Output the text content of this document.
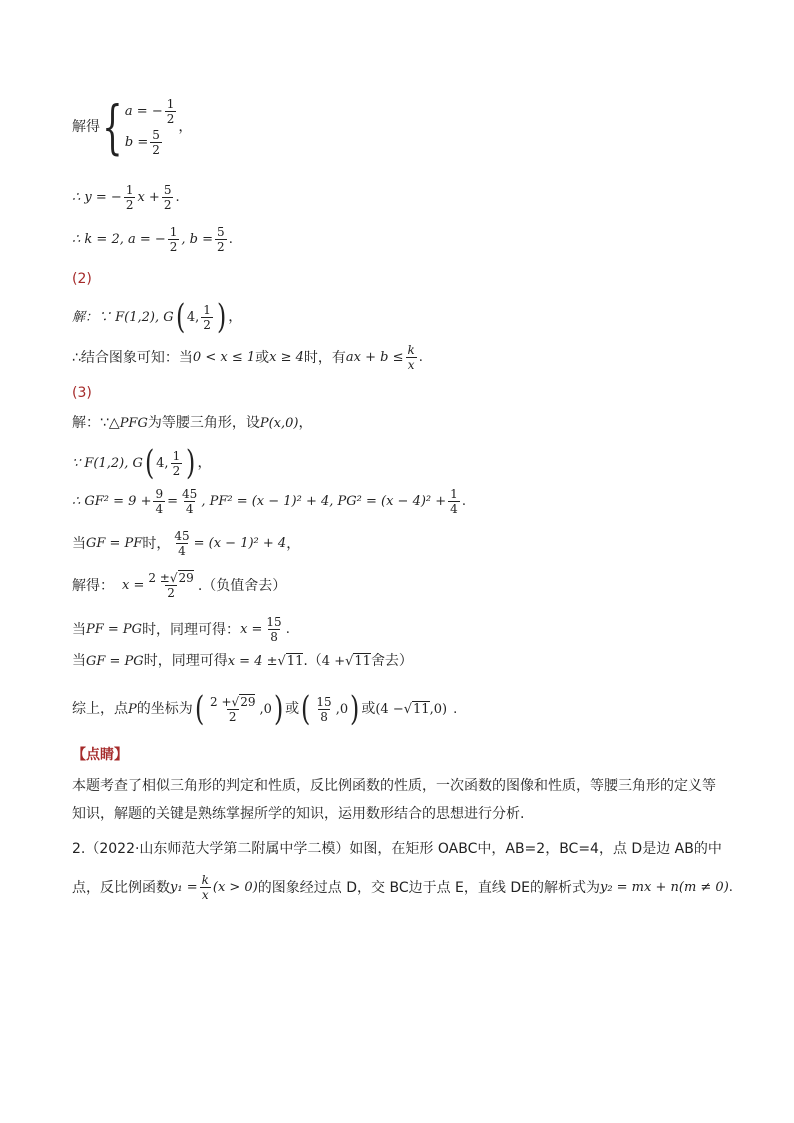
解得 { a = − $\frac{1}{2}$
$b = \frac{5}{2}$
，
∴ y = − $\frac{1}{2}$ $x + \frac{5}{2}$ .
∴ k = 2, a = − $\frac{1}{2}$ , $b = \frac{5}{2}$ .
(2)
解：∵ F(1,2), G ( 4, $\frac{1}{2}$ ) ，
∴结合图象可知：当 0 < x ≤ 1 或 x ≥ 4 时，有 ax + $b \le \frac{k}{x}$ .
(3)
解：∵△ PFG 为等腰三角形，设 P(x,0) ，
∵ F(1,2), G ( 4, $\frac{1}{2}$ ) ，
∴ $GF^2 = 9 + \frac{9}{4} = \frac{45}{4}$ , PF² = (x − 1)² + 4, $PG^2 = (x - 4)^2 + \frac{1}{4}$ .
当 GF = PF 时， $\frac{45}{4} = (x - 1)^2 + 4$ ，
解得： $x = \frac{2 \pm√29}{2}$ .（负值舍去）
当 PF = PG 时，同理可得： $x = \frac{15}{8}$ .
当 GF = PG 时，同理可得 x = 4 ± √11 .（ 4 + √11 舍去）
综上，点 P 的坐标为 ( $\frac{2 +√29}{2} ,0$ ) 或 ( $\frac{15}{8} ,0$ ) 或 (4 − √11 ,0) .
【点睛】
本题考查了相似三角形的判定和性质，反比例函数的性质，一次函数的图像和性质，等腰三角形的定义等知识，解题的关键是熟练掌握所学的知识，运用数形结合的思想进行分析.
2.（2022·山东师范大学第二附属中学二模）如图，在矩形 OABC中，AB=2，BC=4，点 D是边 AB的中
点，反比例函数 $y_1 = \frac{k}{x} (x > 0)$ 的图象经过点 D，交 BC边于点 E，直线 DE的解析式为 y₂ = mx + n(m ≠ 0) .
